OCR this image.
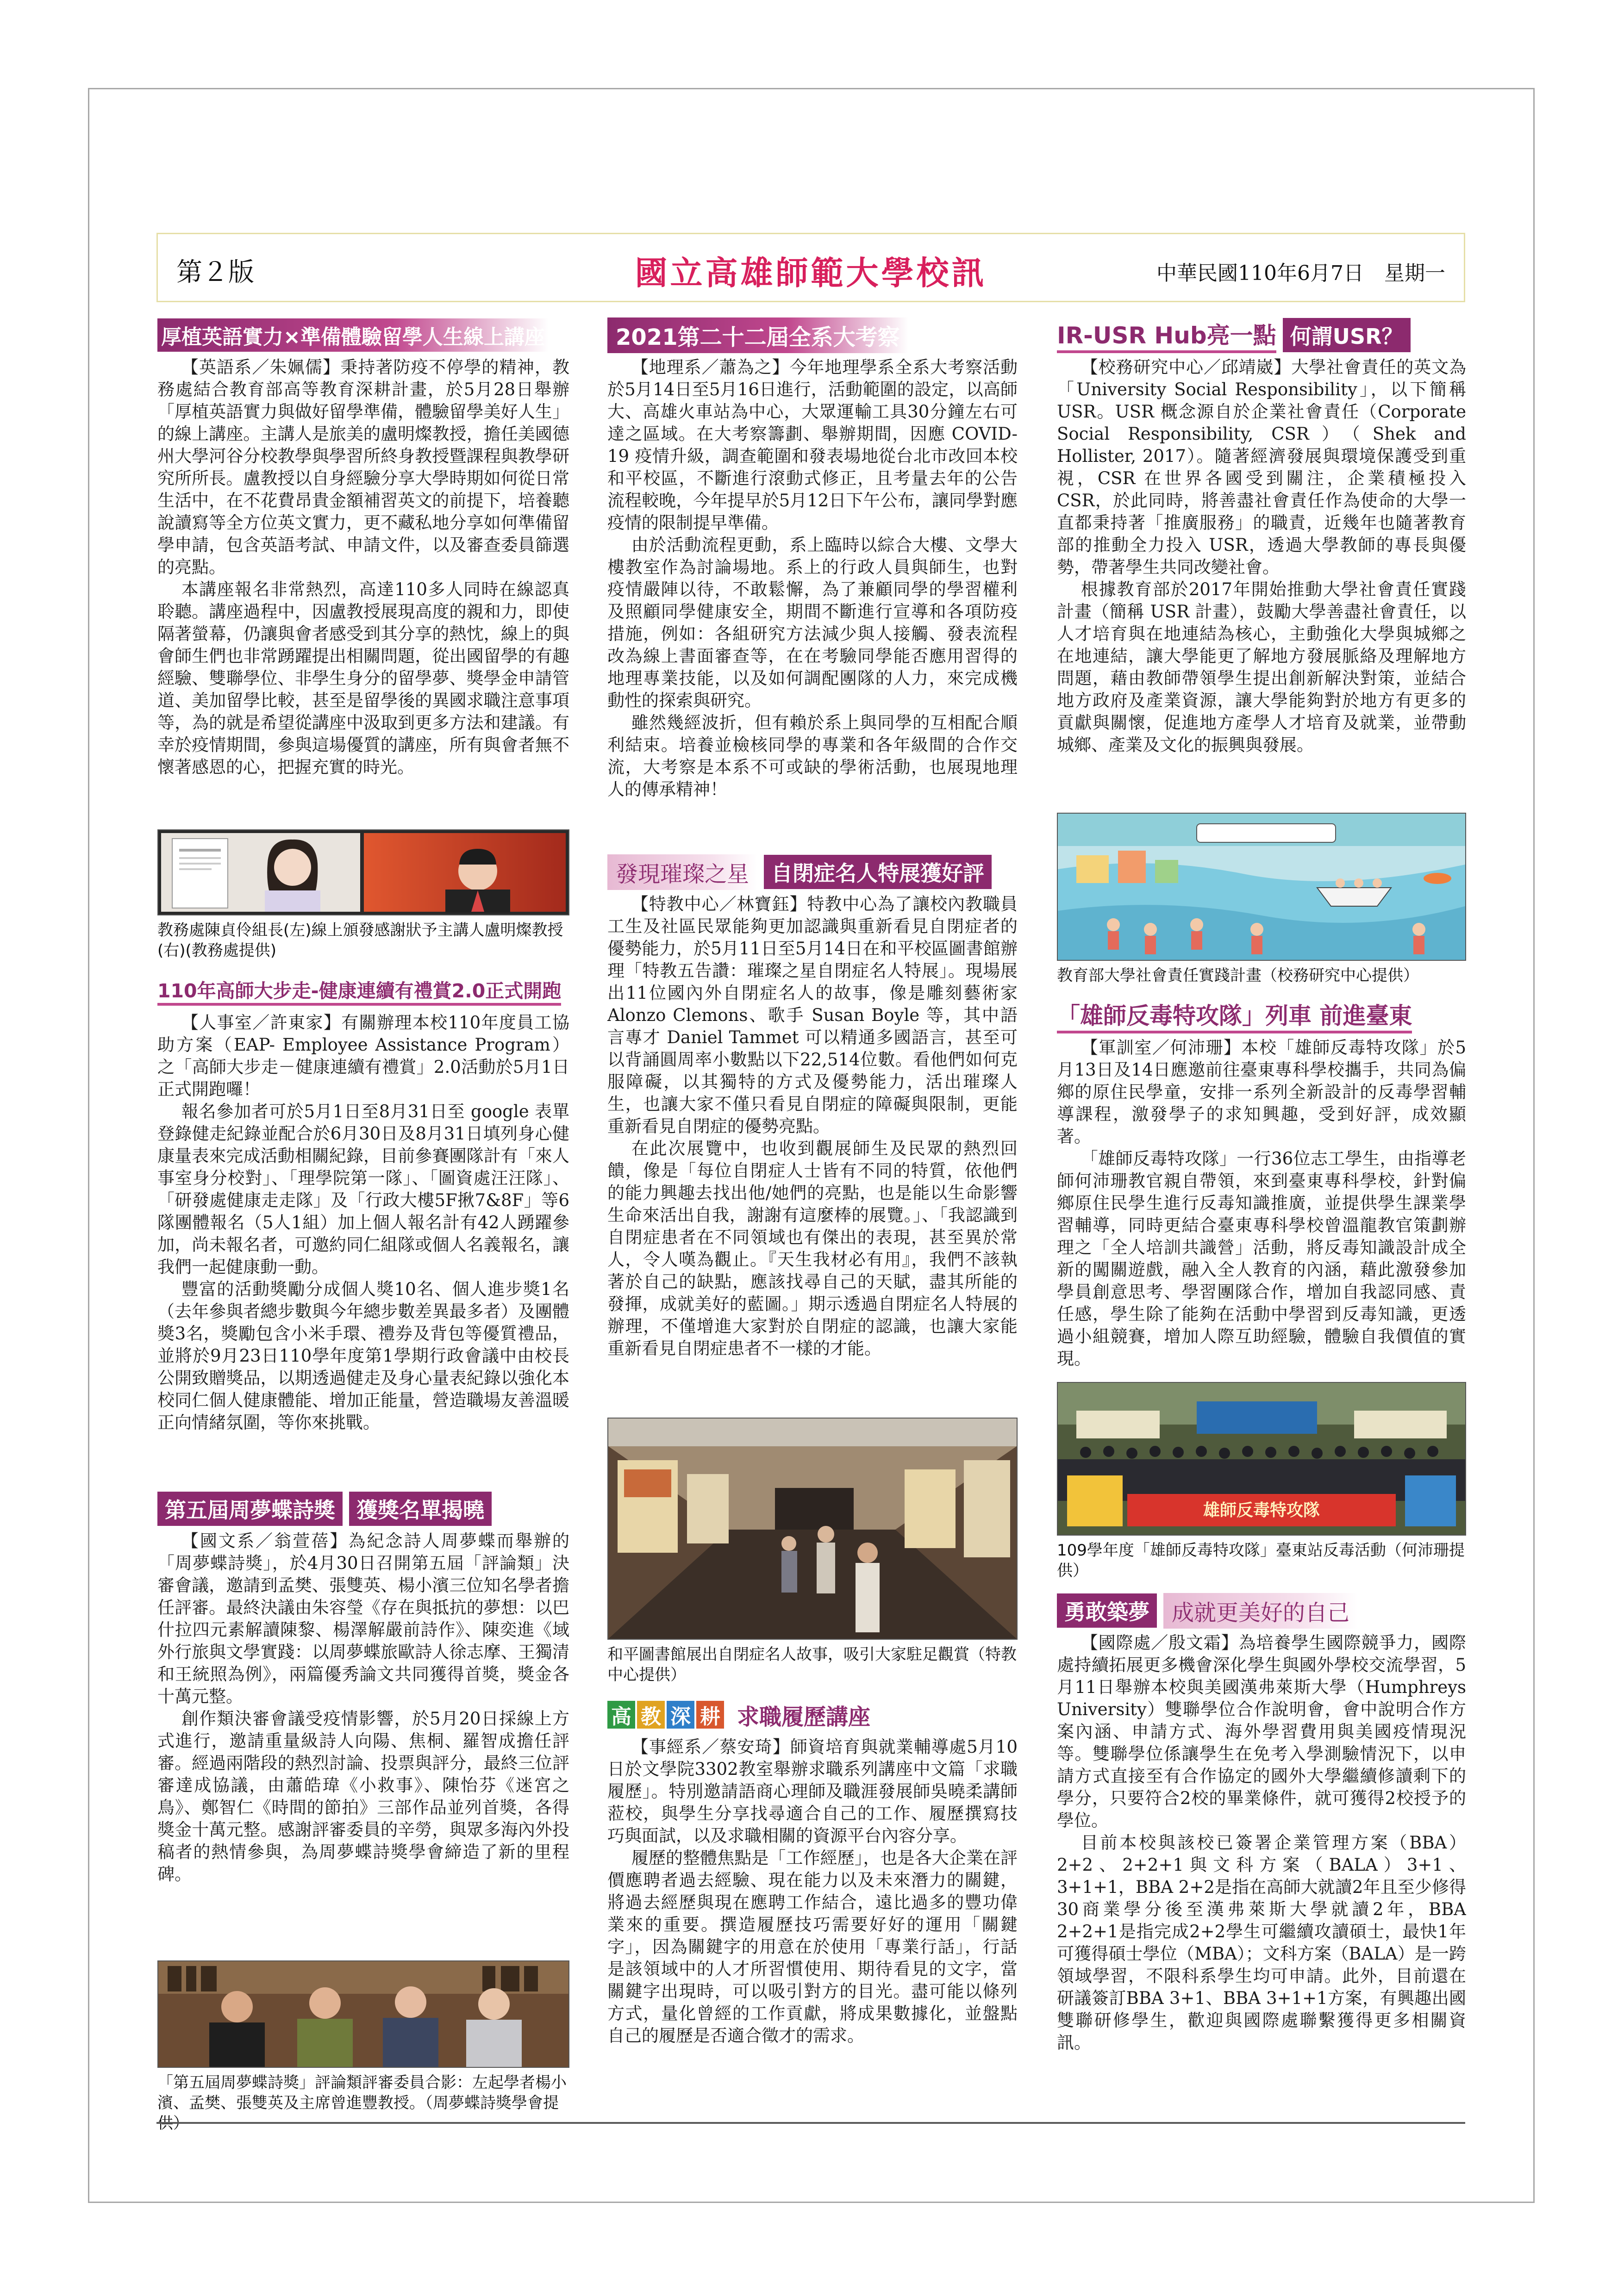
第２版	國立高雄師範大學校訊	中華民國110年6月7日　星期一
厚植英語實力×準備體驗留學人生線上講座

【英語系／朱姵儒】秉持著防疫不停學的精神，教務處結合教育部高等教育深耕計畫，於5月28日舉辦「厚植英語實力與做好留學準備，體驗留學美好人生」的線上講座。主講人是旅美的盧明燦教授，擔任美國德州大學河谷分校教學與學習所終身教授暨課程與教學研究所所長。盧教授以自身經驗分享大學時期如何從日常生活中，在不花費昂貴金額補習英文的前提下，培養聽說讀寫等全方位英文實力，更不藏私地分享如何準備留學申請，包含英語考試、申請文件，以及審查委員篩選的亮點。

本講座報名非常熱烈，高達110多人同時在線認真聆聽。講座過程中，因盧教授展現高度的親和力，即使隔著螢幕，仍讓與會者感受到其分享的熱忱，線上的與會師生們也非常踴躍提出相關問題，從出國留學的有趣經驗、雙聯學位、非學生身分的留學夢、獎學金申請管道、美加留學比較，甚至是留學後的異國求職注意事項等，為的就是希望從講座中汲取到更多方法和建議。有幸於疫情期間，參與這場優質的講座，所有與會者無不懷著感恩的心，把握充實的時光。

教務處陳貞伶組長(左)線上頒發感謝狀予主講人盧明燦教授(右)(教務處提供)

110年高師大步走-健康連續有禮賞2.0正式開跑

【人事室／許東家】有關辦理本校110年度員工協助方案（EAP- Employee Assistance Program）之「高師大步走－健康連續有禮賞」2.0活動於5月1日正式開跑囉！

報名參加者可於5月1日至8月31日至 google 表單登錄健走紀錄並配合於6月30日及8月31日填列身心健康量表來完成活動相關紀錄，目前參賽團隊計有「來人事室身分校對」、「理學院第一隊」、「圖資處汪汪隊」、「研發處健康走走隊」及「行政大樓5F揪7&8F」等6隊團體報名（5人1組）加上個人報名計有42人踴躍參加，尚未報名者，可邀約同仁組隊或個人名義報名，讓我們一起健康動一動。

豐富的活動獎勵分成個人獎10名、個人進步獎1名（去年參與者總步數與今年總步數差異最多者）及團體獎3名，獎勵包含小米手環、禮券及背包等優質禮品，並將於9月23日110學年度第1學期行政會議中由校長公開致贈獎品，以期透過健走及身心量表紀錄以強化本校同仁個人健康體能、增加正能量，營造職場友善溫暖正向情緒氛圍，等你來挑戰。

第五屆周夢蝶詩獎	獲獎名單揭曉

【國文系／翁萱蓓】為紀念詩人周夢蝶而舉辦的「周夢蝶詩獎」，於4月30日召開第五屆「評論類」決審會議，邀請到孟樊、張雙英、楊小濱三位知名學者擔任評審。最終決議由朱容瑩《存在與抵抗的夢想：以巴什拉四元素解讀陳黎、楊澤解嚴前詩作》、陳奕進《域外行旅與文學實踐：以周夢蝶旅歐詩人徐志摩、王獨清和王統照為例》，兩篇優秀論文共同獲得首獎，獎金各十萬元整。

創作類決審會議受疫情影響，於5月20日採線上方式進行，邀請重量級詩人向陽、焦桐、羅智成擔任評審。經過兩階段的熱烈討論、投票與評分，最終三位評審達成協議，由蕭皓瑋《小救事》、陳怡芬《迷宮之鳥》、鄭智仁《時間的節拍》三部作品並列首獎，各得獎金十萬元整。感謝評審委員的辛勞，與眾多海內外投稿者的熱情參與，為周夢蝶詩獎學會締造了新的里程碑。

「第五屆周夢蝶詩獎」評論類評審委員合影：左起學者楊小濱、孟樊、張雙英及主席曾進豐教授。（周夢蝶詩獎學會提供）

2021第二十二屆全系大考察

【地理系／蕭為之】今年地理學系全系大考察活動於5月14日至5月16日進行，活動範圍的設定，以高師大、高雄火車站為中心，大眾運輸工具30分鐘左右可達之區域。在大考察籌劃、舉辦期間，因應 COVID-19 疫情升級，調查範圍和發表場地從台北市改回本校和平校區，不斷進行滾動式修正，且考量去年的公告流程較晚，今年提早於5月12日下午公布，讓同學對應疫情的限制提早準備。

由於活動流程更動，系上臨時以綜合大樓、文學大樓教室作為討論場地。系上的行政人員與師生，也對疫情嚴陣以待，不敢鬆懈，為了兼顧同學的學習權利及照顧同學健康安全，期間不斷進行宣導和各項防疫措施，例如：各組研究方法減少與人接觸、發表流程改為線上書面審查等，在在考驗同學能否應用習得的地理專業技能，以及如何調配團隊的人力，來完成機動性的探索與研究。

雖然幾經波折，但有賴於系上與同學的互相配合順利結束。培養並檢核同學的專業和各年級間的合作交流，大考察是本系不可或缺的學術活動，也展現地理人的傳承精神！

發現璀璨之星	自閉症名人特展獲好評

【特教中心／林寶鈺】特教中心為了讓校內教職員工生及社區民眾能夠更加認識與重新看見自閉症者的優勢能力，於5月11日至5月14日在和平校區圖書館辦理「特教五告讚：璀璨之星自閉症名人特展」。現場展出11位國內外自閉症名人的故事，像是雕刻藝術家 Alonzo Clemons、歌手 Susan Boyle 等，其中語言專才 Daniel Tammet 可以精通多國語言，甚至可以背誦圓周率小數點以下22,514位數。看他們如何克服障礙，以其獨特的方式及優勢能力，活出璀璨人生，也讓大家不僅只看見自閉症的障礙與限制，更能重新看見自閉症的優勢亮點。

在此次展覽中，也收到觀展師生及民眾的熱烈回饋，像是「每位自閉症人士皆有不同的特質，依他們的能力興趣去找出他/她們的亮點，也是能以生命影響生命來活出自我，謝謝有這麼棒的展覽。」、「我認識到自閉症患者在不同領域也有傑出的表現，甚至異於常人，令人嘆為觀止。『天生我材必有用』，我們不該執著於自己的缺點，應該找尋自己的天賦，盡其所能的發揮，成就美好的藍圖。」期示透過自閉症名人特展的辦理，不僅增進大家對於自閉症的認識，也讓大家能重新看見自閉症患者不一樣的才能。

和平圖書館展出自閉症名人故事，吸引大家駐足觀賞（特教中心提供）

高 教 深 耕 求職履歷講座

【事經系／蔡安琦】師資培育與就業輔導處5月10日於文學院3302教室舉辦求職系列講座中文篇「求職履歷」。特別邀請語商心理師及職涯發展師吳曉柔講師蒞校，與學生分享找尋適合自己的工作、履歷撰寫技巧與面試，以及求職相關的資源平台內容分享。

履歷的整體焦點是「工作經歷」，也是各大企業在評價應聘者過去經驗、現在能力以及未來潛力的關鍵，將過去經歷與現在應聘工作結合，遠比過多的豐功偉業來的重要。撰造履歷技巧需要好好的運用「關鍵字」，因為關鍵字的用意在於使用「專業行話」，行話是該領域中的人才所習慣使用、期待看見的文字，當關鍵字出現時，可以吸引對方的目光。盡可能以條列方式，量化曾經的工作貢獻，將成果數據化，並盤點自己的履歷是否適合徵才的需求。

IR-USR Hub亮一點 何謂USR？

【校務研究中心／邱靖崴】大學社會責任的英文為「University Social Responsibility」，以下簡稱 USR。USR 概念源自於企業社會責任（Corporate Social Responsibility, CSR）（Shek and Hollister, 2017）。隨著經濟發展與環境保護受到重視，CSR 在世界各國受到關注，企業積極投入 CSR，於此同時，將善盡社會責任作為使命的大學一直都秉持著「推廣服務」的職責，近幾年也隨著教育部的推動全力投入 USR，透過大學教師的專長與優勢，帶著學生共同改變社會。

根據教育部於2017年開始推動大學社會責任實踐計畫（簡稱 USR 計畫），鼓勵大學善盡社會責任，以人才培育與在地連結為核心，主動強化大學與城鄉之在地連結，讓大學能更了解地方發展脈絡及理解地方問題，藉由教師帶領學生提出創新解決對策，並結合地方政府及產業資源，讓大學能夠對於地方有更多的貢獻與關懷，促進地方產學人才培育及就業，並帶動城鄉、產業及文化的振興與發展。

教育部大學社會責任實踐計畫（校務研究中心提供）

「雄師反毒特攻隊」列車 前進臺東

【軍訓室／何沛珊】本校「雄師反毒特攻隊」於5月13日及14日應邀前往臺東專科學校攜手，共同為偏鄉的原住民學童，安排一系列全新設計的反毒學習輔導課程，激發學子的求知興趣，受到好評，成效顯著。

「雄師反毒特攻隊」一行36位志工學生，由指導老師何沛珊教官親自帶領，來到臺東專科學校，針對偏鄉原住民學生進行反毒知識推廣，並提供學生課業學習輔導，同時更結合臺東專科學校曾溫龍教官策劃辦理之「全人培訓共識營」活動，將反毒知識設計成全新的闖關遊戲，融入全人教育的內涵，藉此激發參加學員創意思考、學習團隊合作，增加自我認同感、責任感，學生除了能夠在活動中學習到反毒知識，更透過小組競賽，增加人際互助經驗，體驗自我價值的實現。

雄師反毒特攻隊

109學年度「雄師反毒特攻隊」臺東站反毒活動（何沛珊提供）

勇敢築夢	成就更美好的自己

【國際處／殷文霜】為培養學生國際競爭力，國際處持續拓展更多機會深化學生與國外學校交流學習，5月11日舉辦本校與美國漢弗萊斯大學（Humphreys University）雙聯學位合作說明會，會中說明合作方案內涵、申請方式、海外學習費用與美國疫情現況等。雙聯學位係讓學生在免考入學測驗情況下，以申請方式直接至有合作協定的國外大學繼續修讀剩下的學分，只要符合2校的畢業條件，就可獲得2校授予的學位。

目前本校與該校已簽署企業管理方案（BBA）2+2、2+2+1與文科方案（BALA）3+1、3+1+1，BBA 2+2是指在高師大就讀2年且至少修得30商業學分後至漢弗萊斯大學就讀2年，BBA 2+2+1是指完成2+2學生可繼續攻讀碩士，最快1年可獲得碩士學位（MBA）；文科方案（BALA）是一跨領域學習，不限科系學生均可申請。此外，目前還在研議簽訂BBA 3+1、BBA 3+1+1方案，有興趣出國雙聯研修學生，歡迎與國際處聯繫獲得更多相關資訊。
